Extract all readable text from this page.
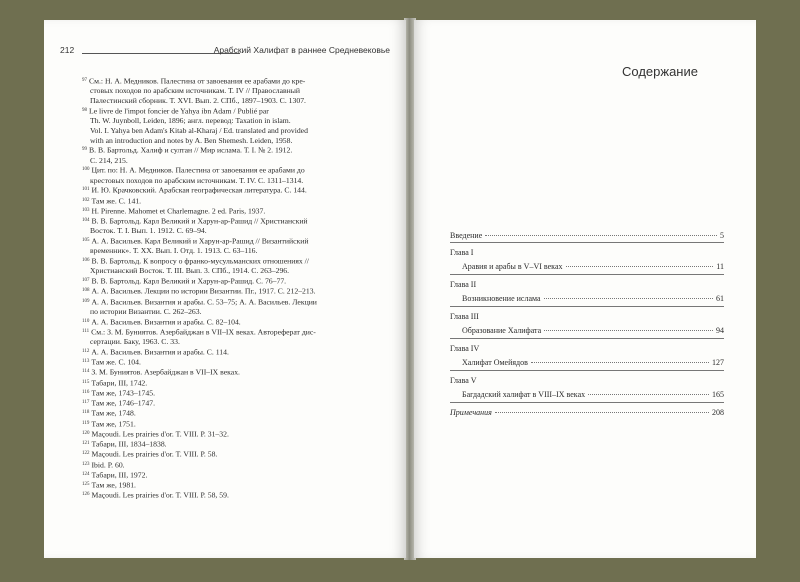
212	Арабский Халифат в раннее Средневековье
$^{97}$ См.: Н. А. Медников. Палестина от завоевания ее арабами до кре-
стовых походов по арабским источникам. Т. IV // Православный
Палестинский сборник. Т. XVI. Вып. 2. СПб., 1897–1903. С. 1307.
$^{98}$ Le livre de l'impot foncier de Yahya ibn Adam / Publié par
Th. W. Juynboll, Leiden, 1896; англ. перевод: Taxation in islam.
Vol. I. Yahya ben Adam's Kitab al-Kharaj / Ed. translated and provided
with an introduction and notes by A. Ben Shemesh. Leiden, 1958.
$^{99}$ В. В. Бартольд. Халиф и султан // Мир ислама. Т. I. № 2. 1912.
С. 214, 215.
$^{100}$ Цит. по: Н. А. Медников. Палестина от завоевания ее арабами до
крестовых походов по арабским источникам. Т. IV. С. 1311–1314.
$^{101}$ И. Ю. Крачковский. Арабская географическая литература. С. 144.
$^{102}$ Там же. С. 141.
$^{103}$ H. Pirenne. Mahomet et Charlemagne. 2 ed. Paris, 1937.
$^{104}$ В. В. Бартольд. Карл Великий и Харун-ар-Рашид // Христианский
Восток. Т. I. Вып. 1. 1912. С. 69–94.
$^{105}$ А. А. Васильев. Карл Великий и Харун-ар-Рашид // Византийский
временник». Т. XX. Вып. I. Отд. 1. 1913. С. 63–116.
$^{106}$ В. В. Бартольд. К вопросу о франко-мусульманских отношениях //
Христианский Восток. Т. III. Вып. 3. СПб., 1914. С. 263–296.
$^{107}$ В. В. Бартольд. Карл Великий и Харун-ар-Рашид. С. 76–77.
$^{108}$ А. А. Васильев. Лекции по истории Византии. Пг., 1917. С. 212–213.
$^{109}$ А. А. Васильев. Византия и арабы. С. 53–75; А. А. Васильев. Лекции
по истории Византии. С. 262–263.
$^{110}$ А. А. Васильев. Византия и арабы. С. 82–104.
$^{111}$ См.: З. М. Буниятов. Азербайджан в VII–IX веках. Автореферат дис-
сертации. Баку, 1963. С. 33.
$^{112}$ А. А. Васильев. Византия и арабы. С. 114.
$^{113}$ Там же. С. 104.
$^{114}$ З. М. Буниятов. Азербайджан в VII–IX веках.
$^{115}$ Табари, III, 1742.
$^{116}$ Там же, 1743–1745.
$^{117}$ Там же, 1746–1747.
$^{118}$ Там же, 1748.
$^{119}$ Там же, 1751.
$^{120}$ Maçoudi. Les prairies d'or. T. VIII. P. 31–32.
$^{121}$ Табари, III, 1834–1838.
$^{122}$ Maçoudi. Les prairies d'or. T. VIII. P. 58.
$^{123}$ Ibid. P. 60.
$^{124}$ Табари, III, 1972.
$^{125}$ Там же, 1981.
$^{126}$ Maçoudi. Les prairies d'or. T. VIII. P. 58, 59.
Содержание
Введение	5
Глава I
Аравия и арабы в V–VI веках	11
Глава II
Возникновение ислама	61
Глава III
Образование Халифата	94
Глава IV
Халифат Омейядов	127
Глава V
Багдадский халифат в VIII–IX веках	165
Примечания	208
